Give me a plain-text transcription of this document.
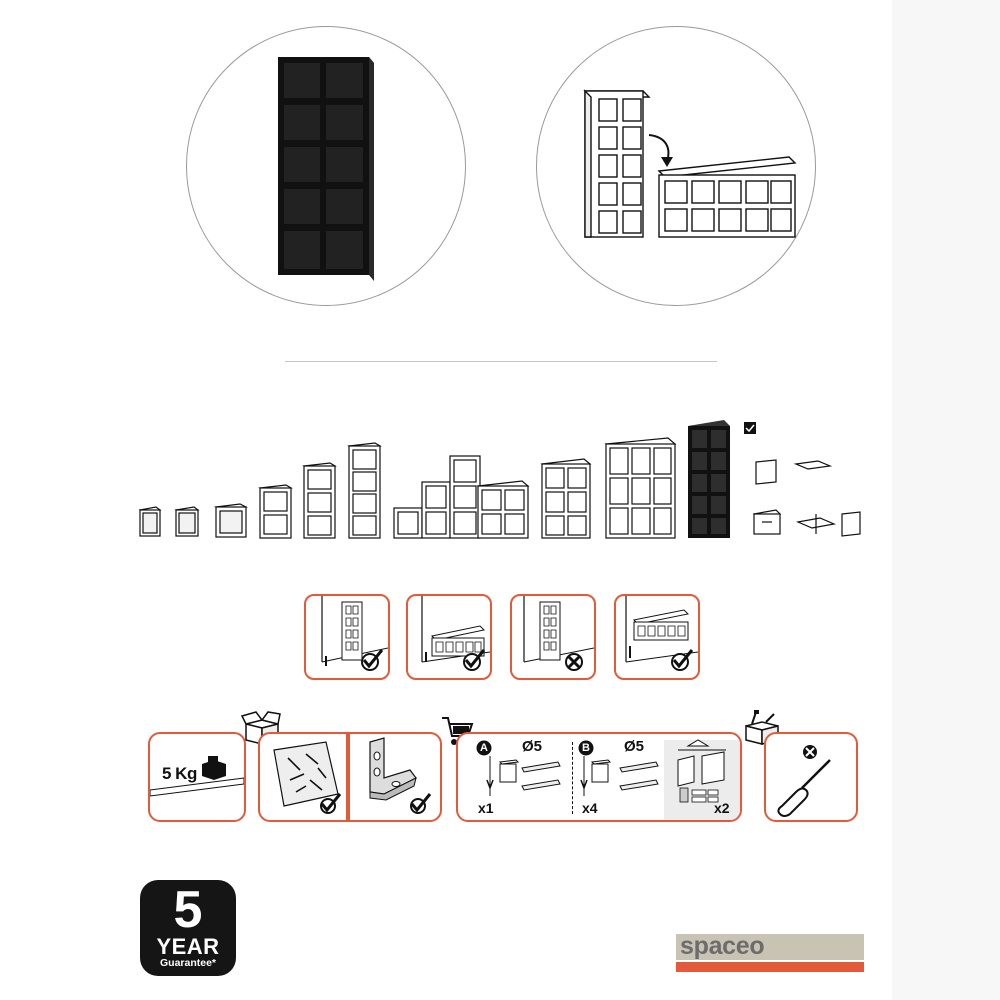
5 Kg
A Ø5
x1
B Ø5
x4	x2
5
YEAR
Guarantee*
spaceo
